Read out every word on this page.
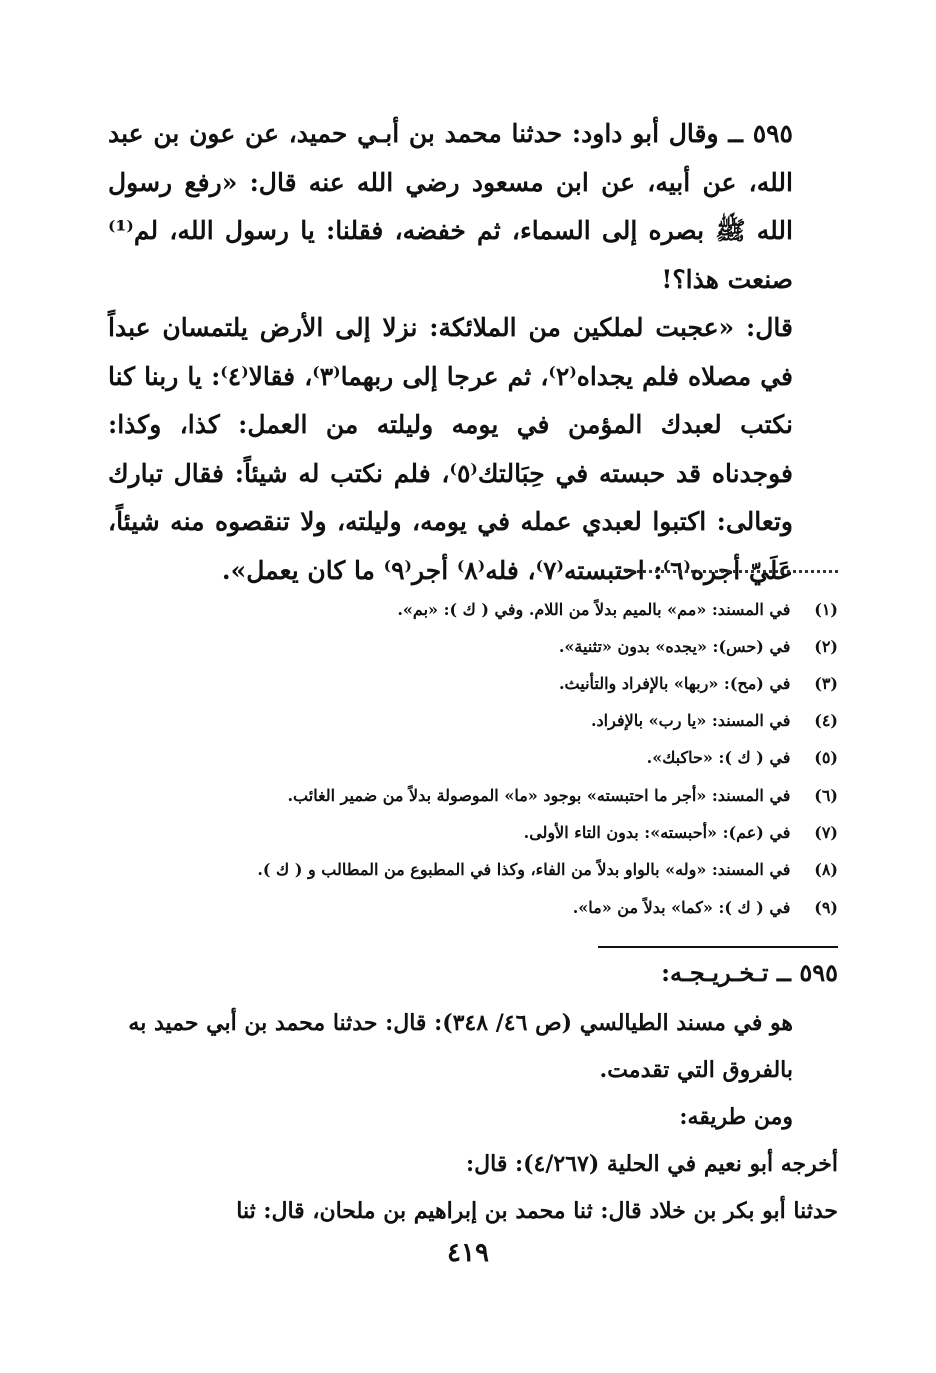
٥٩٥ ــ وقال أبو داود: حدثنا محمد بن أبـي حميد، عن عون بن عبد الله، عن أبيه، عن ابن مسعود رضي الله عنه قال: «رفع رسول الله ﷺ بصره إلى السماء، ثم خفضه، فقلنا: يا رسول الله، لم⁽¹⁾ صنعت هذا؟!

قال: «عجبت لملكين من الملائكة: نزلا إلى الأرض يلتمسان عبداً في مصلاه فلم يجداه⁽٢⁾، ثم عرجا إلى ربهما⁽٣⁾، فقالا⁽٤⁾: يا ربنا كنا نكتب لعبدك المؤمن في يومه وليلته من العمل: كذا، وكذا: فوجدناه قد حبسته في حِبَالتك⁽٥⁾، فلم نكتب له شيئاً: فقال تبارك وتعالى: اكتبوا لعبدي عمله في يومه، وليلته، ولا تنقصوه منه شيئاً، عَلَيّ أجره⁽٦⁾: احتبسته⁽٧⁾، فله⁽٨⁾ أجر⁽٩⁾ ما كان يعمل».

(١) في المسند: «مم» بالميم بدلاً من اللام. وفي ( ك ): «بم».
(٢) في (حس): «يجده» بدون «تثنية».
(٣) في (مح): «ربها» بالإفراد والتأنيث.
(٤) في المسند: «يا رب» بالإفراد.
(٥) في ( ك ): «حاكبك».
(٦) في المسند: «أجر ما احتبسته» بوجود «ما» الموصولة بدلاً من ضمير الغائب.
(٧) في (عم): «أحبسته»: بدون التاء الأولى.
(٨) في المسند: «وله» بالواو بدلاً من الفاء، وكذا في المطبوع من المطالب و ( ك ).
(٩) في ( ك ): «كما» بدلاً من «ما».
٥٩٥ ــ تـخـريـجـه:

هو في مسند الطيالسي (ص ٤٦/ ٣٤٨): قال: حدثنا محمد بن أبي حميد به بالفروق التي تقدمت.

ومن طريقه:

أخرجه أبو نعيم في الحلية (٤/٢٦٧): قال:

حدثنا أبو بكر بن خلاد قال: ثنا محمد بن إبراهيم بن ملحان، قال: ثنا

٤١٩
